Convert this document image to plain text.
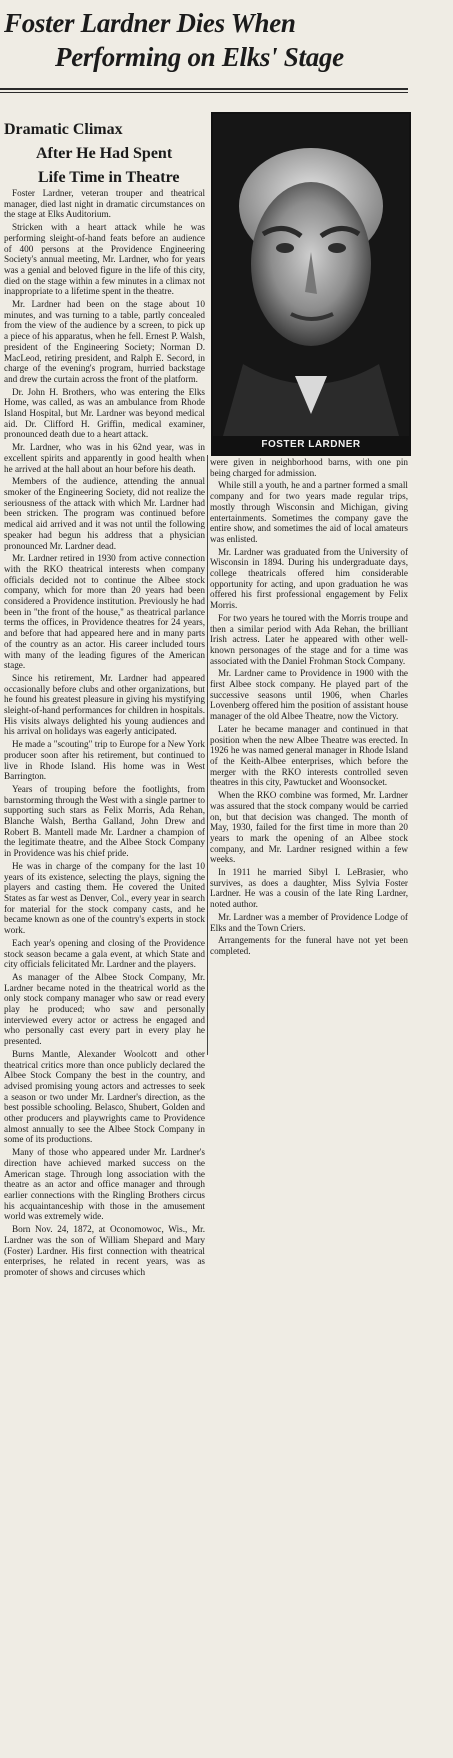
Foster Lardner Dies When
Performing on Elks' Stage
Dramatic Climax
After He Had Spent
Life Time in Theatre

Foster Lardner, veteran trouper and theatrical manager, died last night in dramatic circumstances on the stage at Elks Auditorium.

Stricken with a heart attack while he was performing sleight-of-hand feats before an audience of 400 persons at the Providence Engineering Society's annual meeting, Mr. Lardner, who for years was a genial and beloved figure in the life of this city, died on the stage within a few minutes in a climax not inappropriate to a lifetime spent in the theatre.

Mr. Lardner had been on the stage about 10 minutes, and was turning to a table, partly concealed from the view of the audience by a screen, to pick up a piece of his apparatus, when he fell. Ernest P. Walsh, president of the Engineering Society; Norman D. MacLeod, retiring president, and Ralph E. Secord, in charge of the evening's program, hurried backstage and drew the curtain across the front of the platform.

Dr. John H. Brothers, who was entering the Elks Home, was called, as was an ambulance from Rhode Island Hospital, but Mr. Lardner was beyond medical aid. Dr. Clifford H. Griffin, medical examiner, pronounced death due to a heart attack.

Mr. Lardner, who was in his 62nd year, was in excellent spirits and apparently in good health when he arrived at the hall about an hour before his death.

Members of the audience, attending the annual smoker of the Engineering Society, did not realize the seriousness of the attack with which Mr. Lardner had been stricken. The program was continued before medical aid arrived and it was not until the following speaker had begun his address that a physician pronounced Mr. Lardner dead.

Mr. Lardner retired in 1930 from active connection with the RKO theatrical interests when company officials decided not to continue the Albee stock company, which for more than 20 years had been considered a Providence institution. Previously he had been in "the front of the house," as theatrical parlance terms the offices, in Providence theatres for 24 years, and before that had appeared here and in many parts of the country as an actor. His career included tours with many of the leading figures of the American stage.

Since his retirement, Mr. Lardner had appeared occasionally before clubs and other organizations, but he found his greatest pleasure in giving his mystifying sleight-of-hand performances for children in hospitals. His visits always delighted his young audiences and his arrival on holidays was eagerly anticipated.

He made a "scouting" trip to Europe for a New York producer soon after his retirement, but continued to live in Rhode Island. His home was in West Barrington.

Years of trouping before the footlights, from barnstorming through the West with a single partner to supporting such stars as Felix Morris, Ada Rehan, Blanche Walsh, Bertha Galland, John Drew and Robert B. Mantell made Mr. Lardner a champion of the legitimate theatre, and the Albee Stock Company in Providence was his chief pride.

He was in charge of the company for the last 10 years of its existence, selecting the plays, signing the players and casting them. He covered the United States as far west as Denver, Col., every year in search for material for the stock company casts, and he became known as one of the country's experts in stock work.

Each year's opening and closing of the Providence stock season became a gala event, at which State and city officials felicitated Mr. Lardner and the players.

As manager of the Albee Stock Company, Mr. Lardner became noted in the theatrical world as the only stock company manager who saw or read every play he produced; who saw and personally interviewed every actor or actress he engaged and who personally cast every part in every play he presented.

Burns Mantle, Alexander Woolcott and other theatrical critics more than once publicly declared the Albee Stock Company the best in the country, and advised promising young actors and actresses to seek a season or two under Mr. Lardner's direction, as the best possible schooling. Belasco, Shubert, Golden and other producers and playwrights came to Providence almost annually to see the Albee Stock Company in some of its productions.

Many of those who appeared under Mr. Lardner's direction have achieved marked success on the American stage. Through long association with the theatre as an actor and office manager and through earlier connections with the Ringling Brothers circus his acquaintanceship with those in the amusement world was extremely wide.

Born Nov. 24, 1872, at Oconomowoc, Wis., Mr. Lardner was the son of William Shepard and Mary (Foster) Lardner. His first connection with theatrical enterprises, he related in recent years, was as promoter of shows and circuses which

FOSTER LARDNER

were given in neighborhood barns, with one pin being charged for admission.

While still a youth, he and a partner formed a small company and for two years made regular trips, mostly through Wisconsin and Michigan, giving entertainments. Sometimes the company gave the entire show, and sometimes the aid of local amateurs was enlisted.

Mr. Lardner was graduated from the University of Wisconsin in 1894. During his undergraduate days, college theatricals offered him considerable opportunity for acting, and upon graduation he was offered his first professional engagement by Felix Morris.

For two years he toured with the Morris troupe and then a similar period with Ada Rehan, the brilliant Irish actress. Later he appeared with other well-known personages of the stage and for a time was associated with the Daniel Frohman Stock Company.

Mr. Lardner came to Providence in 1900 with the first Albee stock company. He played part of the successive seasons until 1906, when Charles Lovenberg offered him the position of assistant house manager of the old Albee Theatre, now the Victory.

Later he became manager and continued in that position when the new Albee Theatre was erected. In 1926 he was named general manager in Rhode Island of the Keith-Albee enterprises, which before the merger with the RKO interests controlled seven theatres in this city, Pawtucket and Woonsocket.

When the RKO combine was formed, Mr. Lardner was assured that the stock company would be carried on, but that decision was changed. The month of May, 1930, failed for the first time in more than 20 years to mark the opening of an Albee stock company, and Mr. Lardner resigned within a few weeks.

In 1911 he married Sibyl I. LeBrasier, who survives, as does a daughter, Miss Sylvia Foster Lardner. He was a cousin of the late Ring Lardner, noted author.

Mr. Lardner was a member of Providence Lodge of Elks and the Town Criers.

Arrangements for the funeral have not yet been completed.
